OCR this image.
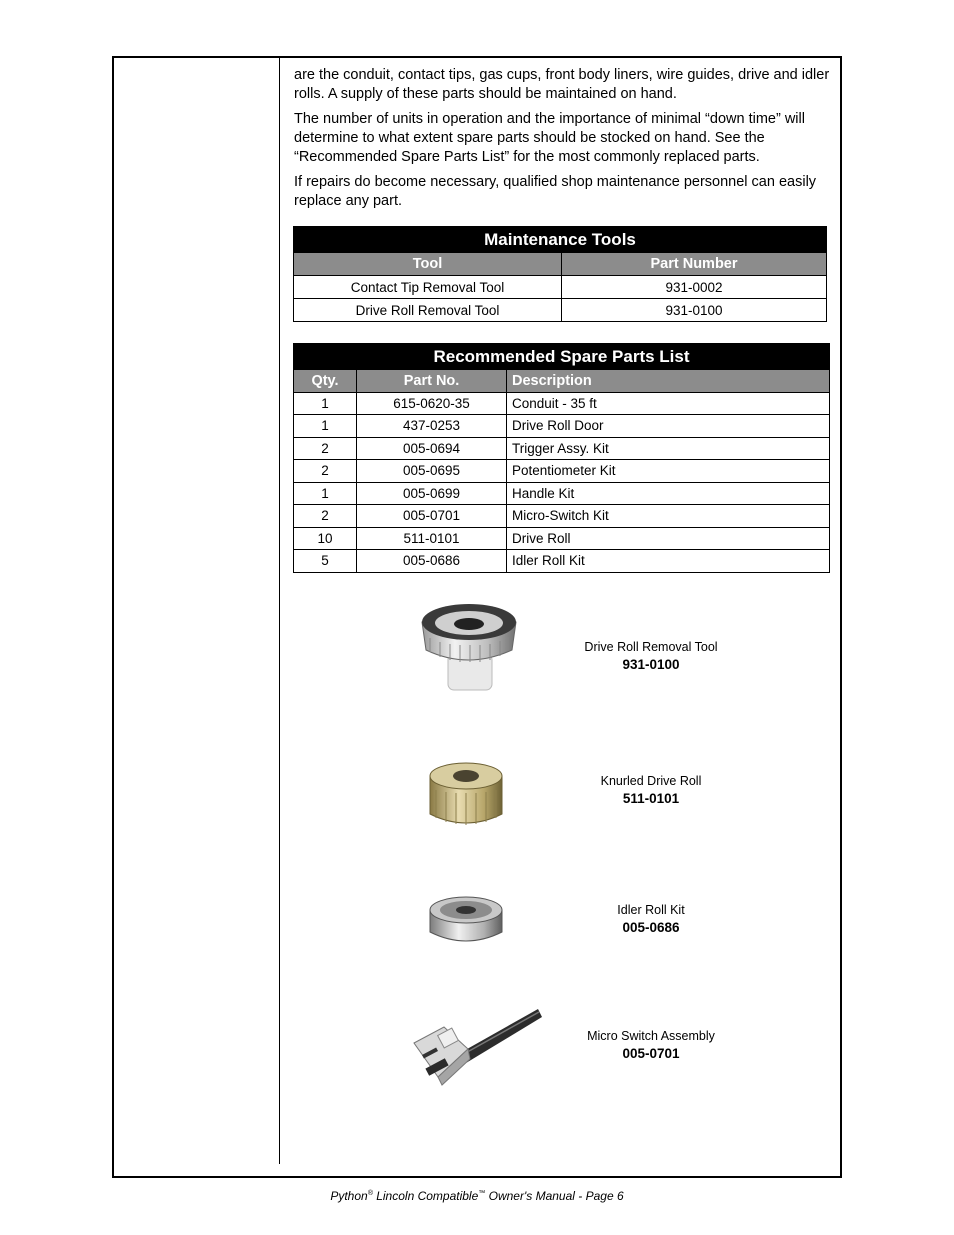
are the conduit, contact tips, gas cups, front body liners, wire guides, drive and idler rolls. A supply of these parts should be maintained on hand.

The number of units in operation and the importance of minimal “down time” will determine to what extent spare parts should be stocked on hand. See the “Recommended Spare Parts List” for the most commonly replaced parts.

If repairs do become necessary, qualified shop maintenance personnel can easily replace any part.

Maintenance Tools	
Tool	Part Number
Contact Tip Removal Tool	931-0002
Drive Roll Removal Tool	931-0100
Recommended Spare Parts List		
Qty.	Part No.	Description
1	615-0620-35	Conduit - 35 ft
1	437-0253	Drive Roll Door
2	005-0694	Trigger Assy. Kit
2	005-0695	Potentiometer Kit
1	005-0699	Handle Kit
2	005-0701	Micro-Switch Kit
10	511-0101	Drive Roll
5	005-0686	Idler Roll Kit
Drive Roll Removal Tool
931-0100
Knurled Drive Roll
511-0101
Idler Roll Kit
005-0686
Micro Switch Assembly
005-0701
Python® Lincoln Compatible™ Owner's Manual - Page 6
